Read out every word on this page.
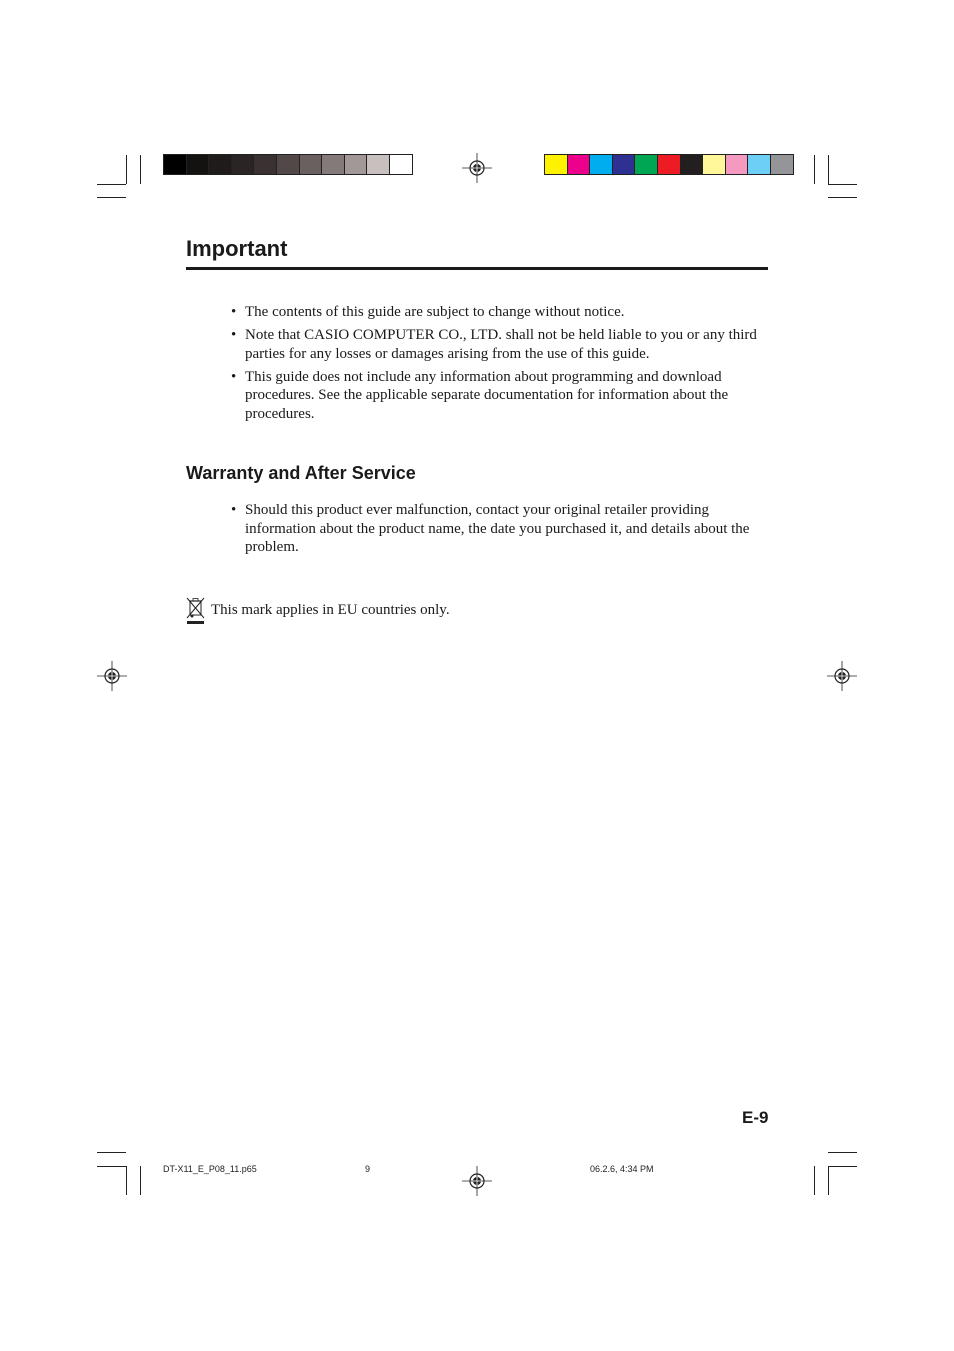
Important
• The contents of this guide are subject to change without notice.
• Note that CASIO COMPUTER CO., LTD. shall not be held liable to you or any third parties for any losses or damages arising from the use of this guide.
• This guide does not include any information about programming and download procedures. See the applicable separate documentation for information about the procedures.
Warranty and After Service
• Should this product ever malfunction, contact your original retailer providing information about the product name, the date you purchased it, and details about the problem.
This mark applies in EU countries only.
E-9
DT-X11_E_P08_11.p65	9	06.2.6, 4:34 PM
